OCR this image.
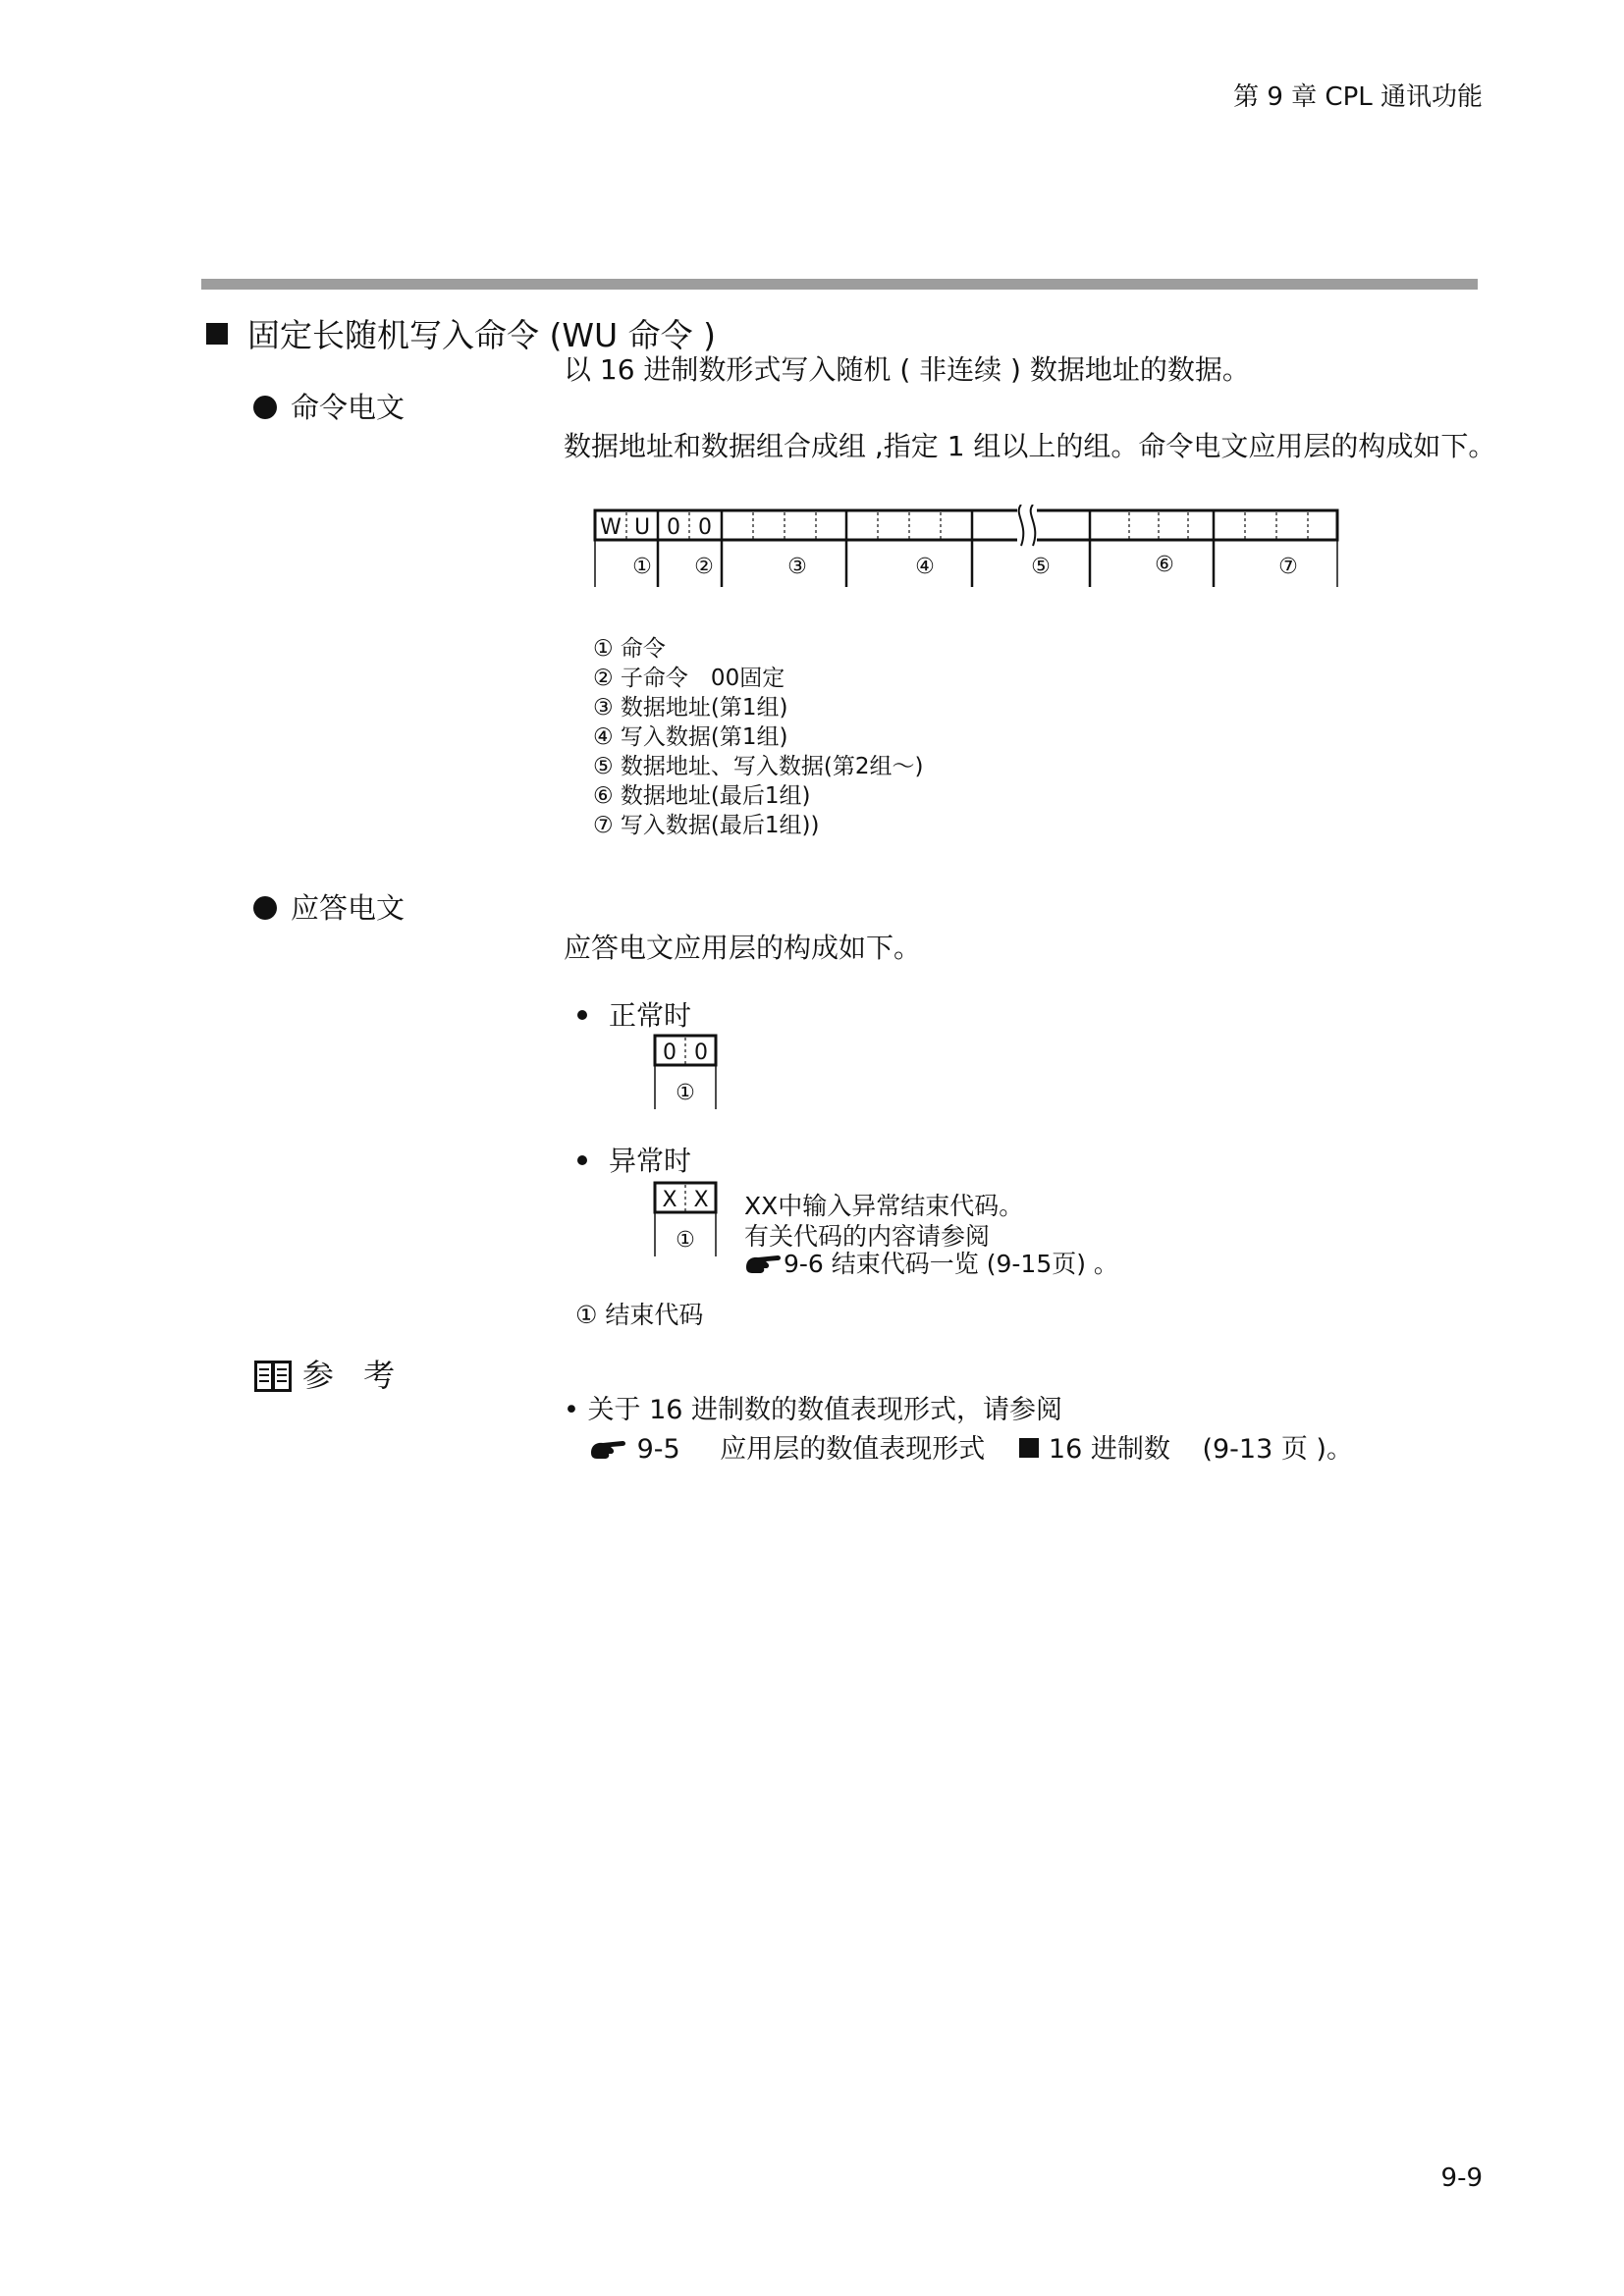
第 9 章 CPL 通讯功能
固定长随机写入命令 (WU 命令 )
以 16 进制数形式写入随机 ( 非连续 ) 数据地址的数据。
命令电文
数据地址和数据组合成组 ,指定 1 组以上的组。命令电文应用层的构成如下。
W U 0 0
① ②	③	④	⑤	⑥	⑦
① 命令
② 子命令　00固定
③ 数据地址(第1组)
④ 写入数据(第1组)
⑤ 数据地址、写入数据(第2组～)
⑥ 数据地址(最后1组)
⑦ 写入数据(最后1组))
应答电文
应答电文应用层的构成如下。
正常时
0 0
①
异常时
X X
①
XX中输入异常结束代码。
有关代码的内容请参阅
9-6 结束代码一览 (9-15页) 。
① 结束代码
参 考
• 关于 16 进制数的数值表现形式，请参阅
9-5 应用层的数值表现形式 16 进制数 (9-13 页 )。
9-9
